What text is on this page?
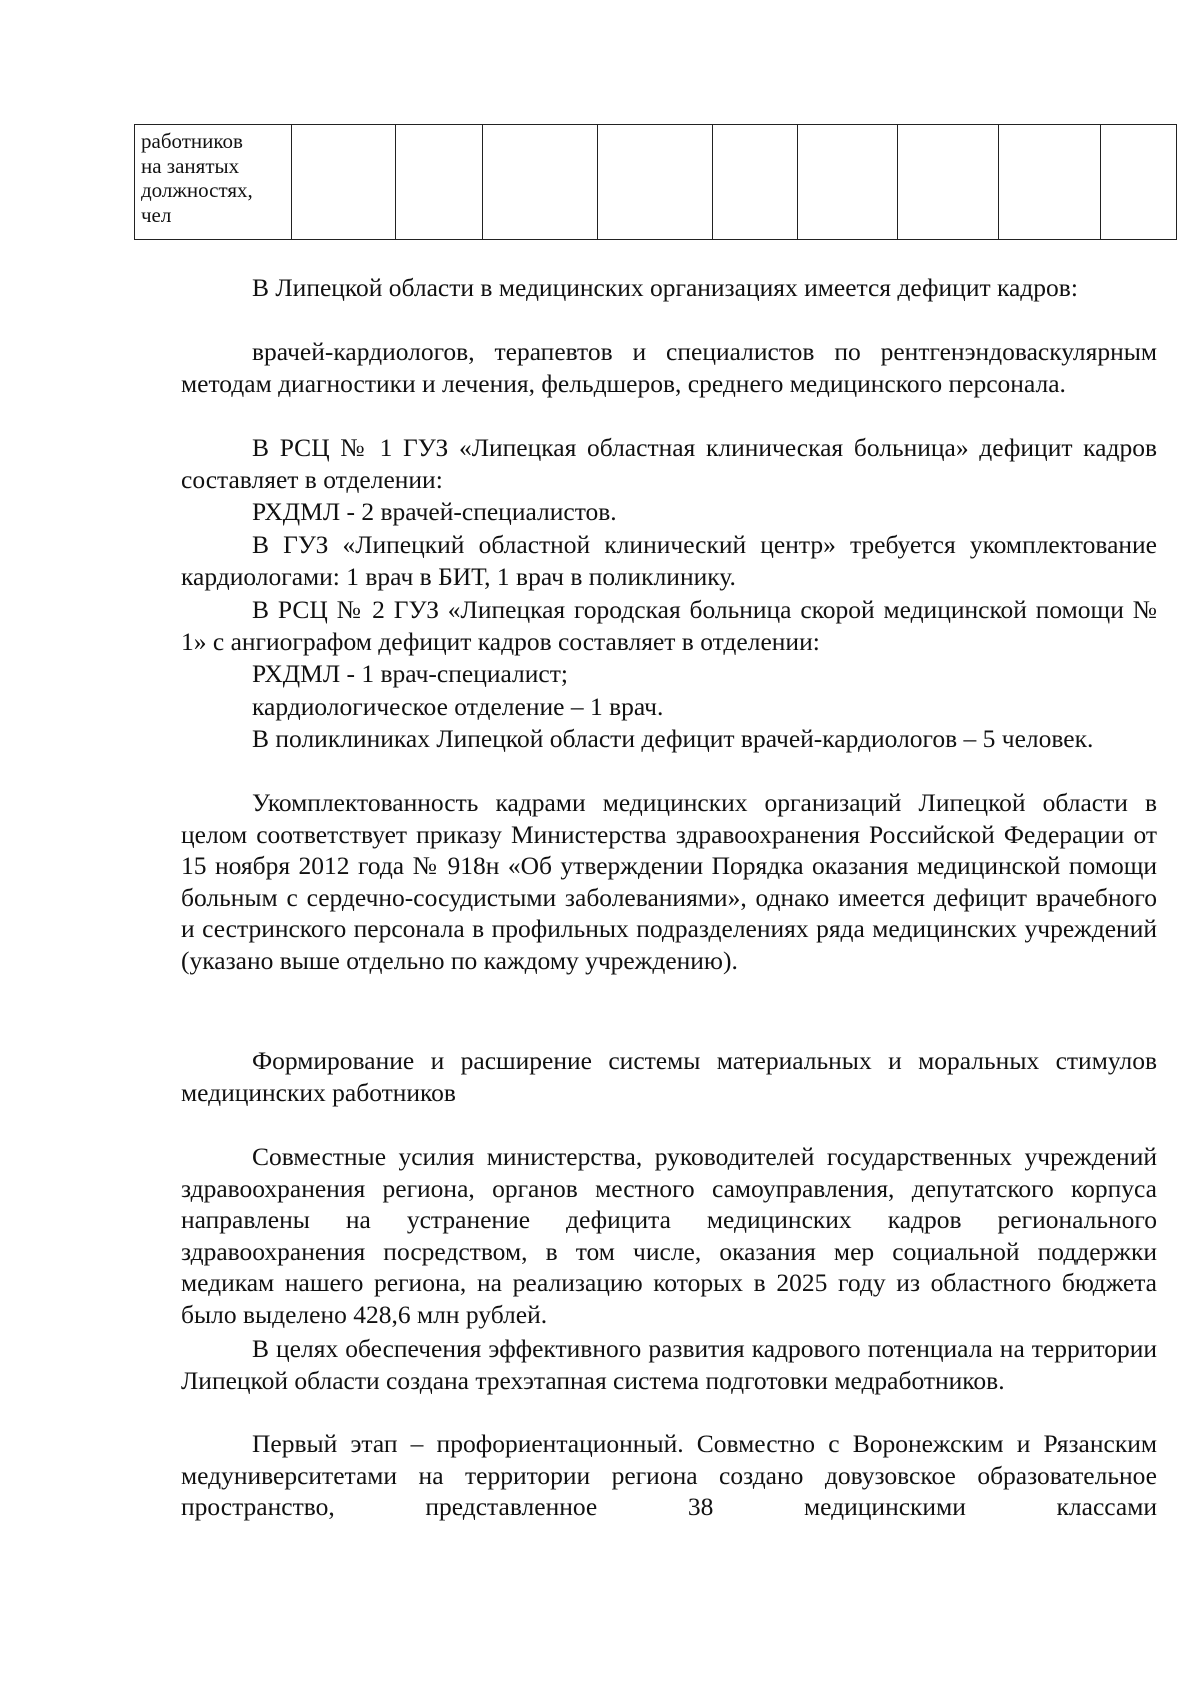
работников
на занятых
должностях,
чел

В Липецкой области в медицинских организациях имеется дефицит кадров:

врачей-кардиологов, терапевтов и специалистов по рентгенэндоваскулярным методам диагностики и лечения, фельдшеров, среднего медицинского персонала.

В РСЦ № 1 ГУЗ «Липецкая областная клиническая больница» дефицит кадров составляет в отделении:

РХДМЛ - 2 врачей-специалистов.

В ГУЗ «Липецкий областной клинический центр» требуется укомплектование кардиологами: 1 врач в БИТ, 1 врач в поликлинику.

В РСЦ № 2 ГУЗ «Липецкая городская больница скорой медицинской помощи № 1» с ангиографом дефицит кадров составляет в отделении:

РХДМЛ - 1 врач-специалист;

кардиологическое отделение – 1 врач.

В поликлиниках Липецкой области дефицит врачей-кардиологов – 5 человек.

Укомплектованность кадрами медицинских организаций Липецкой области в целом соответствует приказу Министерства здравоохранения Российской Федерации от 15 ноября 2012 года № 918н «Об утверждении Порядка оказания медицинской помощи больным с сердечно-сосудистыми заболеваниями», однако имеется дефицит врачебного и сестринского персонала в профильных подразделениях ряда медицинских учреждений (указано выше отдельно по каждому учреждению).

Формирование и расширение системы материальных и моральных стимулов медицинских работников

Совместные усилия министерства, руководителей государственных учреждений здравоохранения региона, органов местного самоуправления, депутатского корпуса направлены на устранение дефицита медицинских кадров регионального здравоохранения посредством, в том числе, оказания мер социальной поддержки медикам нашего региона, на реализацию которых в 2025 году из областного бюджета было выделено 428,6 млн рублей.

В целях обеспечения эффективного развития кадрового потенциала на территории Липецкой области создана трехэтапная система подготовки медработников.

Первый этап – профориентационный. Совместно с Воронежским и Рязанским медуниверситетами на территории региона создано довузовское образовательное пространство, представленное 38 медицинскими классами
